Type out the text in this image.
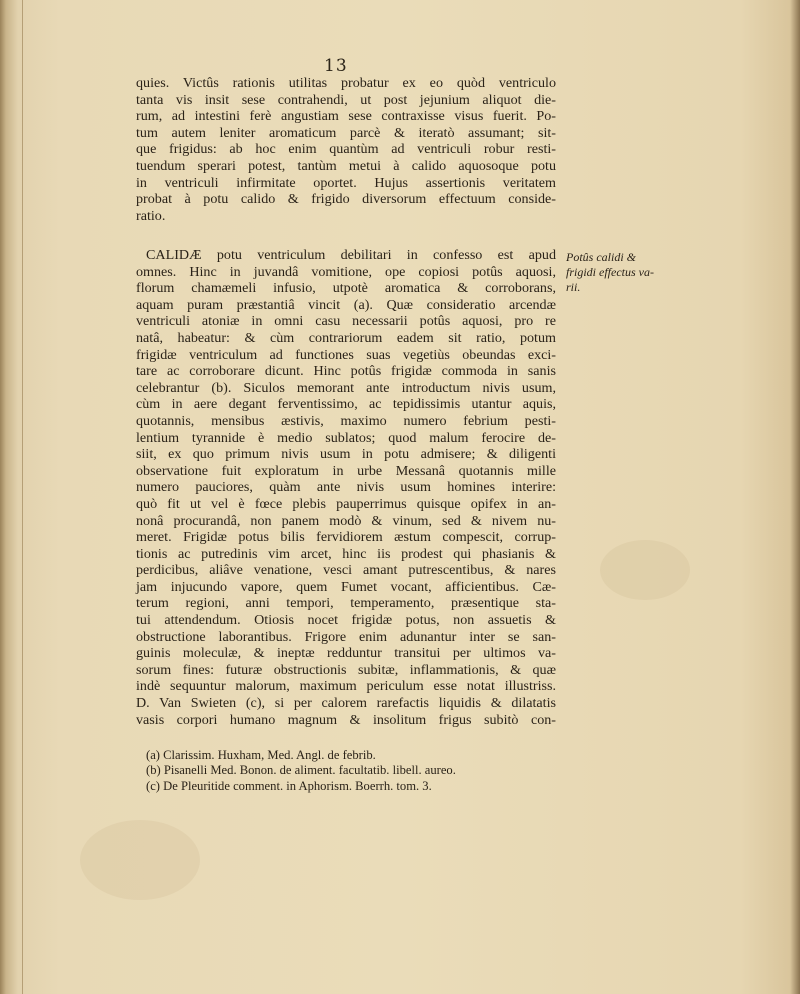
13
quies. Victûs rationis utilitas probatur ex eo quòd ventriculo
tanta vis insit sese contrahendi, ut post jejunium aliquot die-
rum, ad intestini ferè angustiam sese contraxisse visus fuerit. Po-
tum autem leniter aromaticum parcè & iteratò assumant; sit-
que frigidus: ab hoc enim quantùm ad ventriculi robur resti-
tuendum sperari potest, tantùm metui à calido aquosoque potu
in ventriculi infirmitate oportet. Hujus assertionis veritatem
probat à potu calido & frigido diversorum effectuum conside-
ratio.
CALIDÆ potu ventriculum debilitari in confesso est apud
omnes. Hinc in juvandâ vomitione, ope copiosi potûs aquosi,
florum chamæmeli infusio, utpotè aromatica & corroborans,
aquam puram præstantiâ vincit (a). Quæ consideratio arcendæ
ventriculi atoniæ in omni casu necessarii potûs aquosi, pro re
natâ, habeatur: & cùm contrariorum eadem sit ratio, potum
frigidæ ventriculum ad functiones suas vegetiùs obeundas exci-
tare ac corroborare dicunt. Hinc potûs frigidæ commoda in sanis
celebrantur (b). Siculos memorant ante introductum nivis usum,
cùm in aere degant ferventissimo, ac tepidissimis utantur aquis,
quotannis, mensibus æstivis, maximo numero febrium pesti-
lentium tyrannide è medio sublatos; quod malum ferocire de-
siit, ex quo primum nivis usum in potu admisere; & diligenti
observatione fuit exploratum in urbe Messanâ quotannis mille
numero pauciores, quàm ante nivis usum homines interire:
quò fit ut vel è fœce plebis pauperrimus quisque opifex in an-
nonâ procurandâ, non panem modò & vinum, sed & nivem nu-
meret. Frigidæ potus bilis fervidiorem æstum compescit, corrup-
tionis ac putredinis vim arcet, hinc iis prodest qui phasianis &
perdicibus, aliâve venatione, vesci amant putrescentibus, & nares
jam injucundo vapore, quem Fumet vocant, afficientibus. Cæ-
terum regioni, anni tempori, temperamento, præsentique sta-
tui attendendum. Otiosis nocet frigidæ potus, non assuetis &
obstructione laborantibus. Frigore enim adunantur inter se san-
guinis moleculæ, & ineptæ redduntur transitui per ultimos va-
sorum fines: futuræ obstructionis subitæ, inflammationis, & quæ
indè sequuntur malorum, maximum periculum esse notat illustriss.
D. Van Swieten (c), si per calorem rarefactis liquidis & dilatatis
vasis corpori humano magnum & insolitum frigus subitò con-
Potûs calidi &
frigidi effectus va-
rii.
(a) Clarissim. Huxham, Med. Angl. de febrib.
(b) Pisanelli Med. Bonon. de aliment. facultatib. libell. aureo.
(c) De Pleuritide comment. in Aphorism. Boerrh. tom. 3.
